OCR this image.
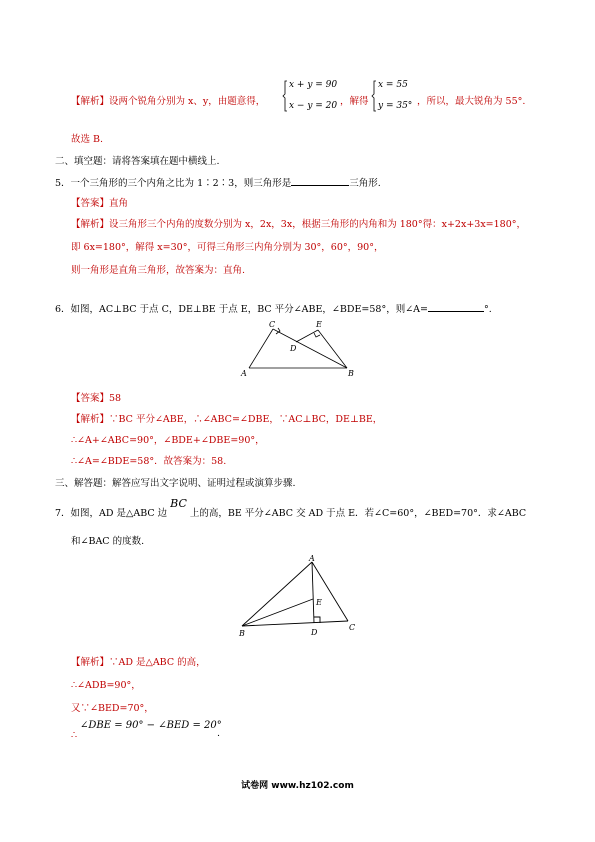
【解析】设两个锐角分别为 x、y，由题意得，
x + y = 90
x − y = 20 ，解得
x = 55
y = 35° ，所以，最大锐角为 55°.
故选 B.
二、填空题：请将答案填在题中横线上.
5．一个三角形的三个内角之比为 1∶2∶3，则三角形是	三角形.
【答案】直角
【解析】设三角形三个内角的度数分别为 x，2x，3x，根据三角形的内角和为 180°得：x+2x+3x=180°，
即 6x=180°，解得 x=30°，可得三角形三内角分别为 30°，60°，90°，
则一角形是直角三角形，故答案为：直角.
6．如图，AC⊥BC 于点 C，DE⊥BE 于点 E，BC 平分∠ABE，∠BDE=58°，则∠A=	°.
C	E
D
A	B
【答案】58
【解析】∵BC 平分∠ABE，∴∠ABC=∠DBE，∵AC⊥BC，DE⊥BE，
∴∠A+∠ABC=90°，∠BDE+∠DBE=90°，
∴∠A=∠BDE=58°．故答案为：58.
三、解答题：解答应写出文字说明、证明过程或演算步骤.
7．如图，AD 是△ABC 边BC上的高，BE 平分∠ABC 交 AD 于点 E．若∠C=60°，∠BED=70°．求∠ABC
和∠BAC 的度数.
A
E
B	D
C
【解析】∵AD 是△ABC 的高，
∴∠ADB=90°，
又∵∠BED=70°，
∴
∠DBE = 90° − ∠BED = 20°
.
试卷网 www.hz102.com
